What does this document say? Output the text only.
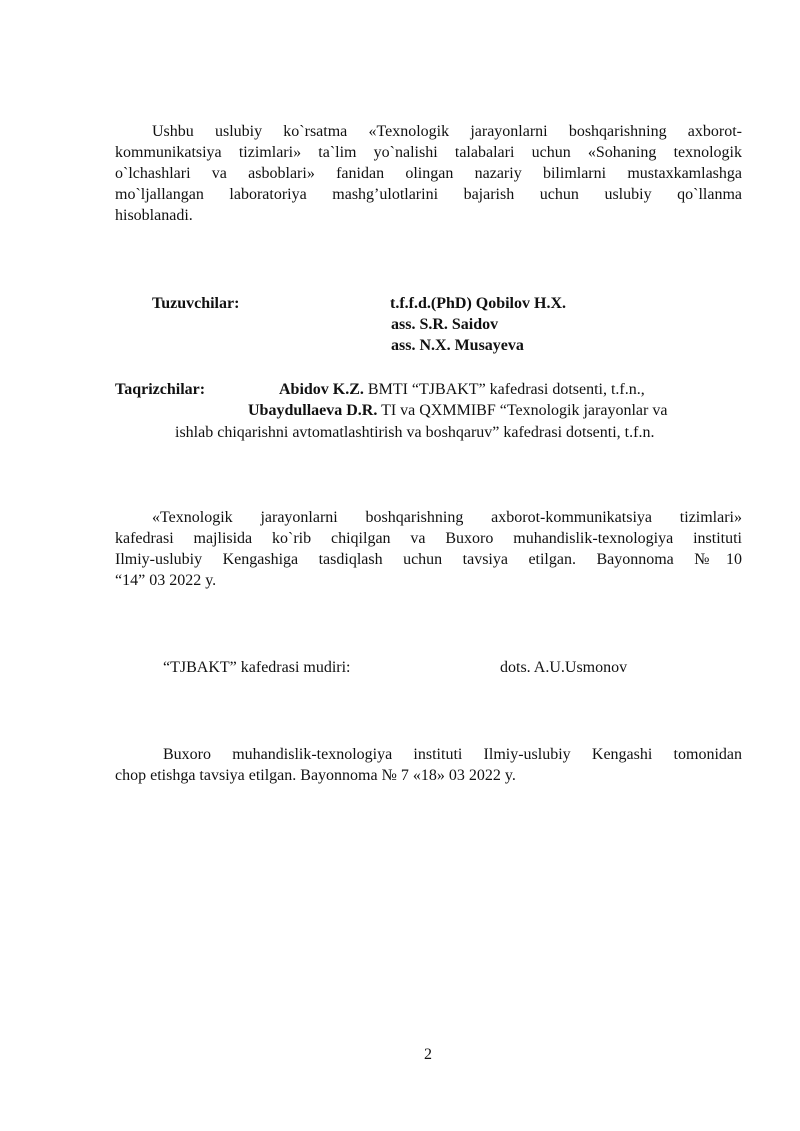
Ushbu uslubiy ko`rsatma «Texnologik jarayonlarni boshqarishning axborot-
kommunikatsiya tizimlari» ta`lim yo`nalishi talabalari uchun «Sohaning texnologik
o`lchashlari va asboblari» fanidan olingan nazariy bilimlarni mustaxkamlashga
mo`ljallangan laboratoriya mashg’ulotlarini bajarish uchun uslubiy qo`llanma
hisoblanadi.
Tuzuvchilar:	t.f.f.d.(PhD) Qobilov H.X.
ass. S.R. Saidov
ass. N.X. Musayeva
Taqrizchilar:	Abidov K.Z. BMTI “TJBAKT” kafedrasi dotsenti, t.f.n.,
Ubaydullaeva D.R. TI va QXMMIBF “Texnologik jarayonlar va
ishlab chiqarishni avtomatlashtirish va boshqaruv” kafedrasi dotsenti, t.f.n.
«Texnologik jarayonlarni boshqarishning axborot-kommunikatsiya tizimlari»
kafedrasi majlisida ko`rib chiqilgan va Buxoro muhandislik-texnologiya instituti
Ilmiy-uslubiy Kengashiga tasdiqlash uchun tavsiya etilgan. Bayonnoma №10
“14” 03 2022 y.
“TJBAKT” kafedrasi mudiri:	dots. A.U.Usmonov
Buxoro muhandislik-texnologiya instituti Ilmiy-uslubiy Kengashi tomonidan
chop etishga tavsiya etilgan. Bayonnoma № 7 «18» 03 2022 y.
2
